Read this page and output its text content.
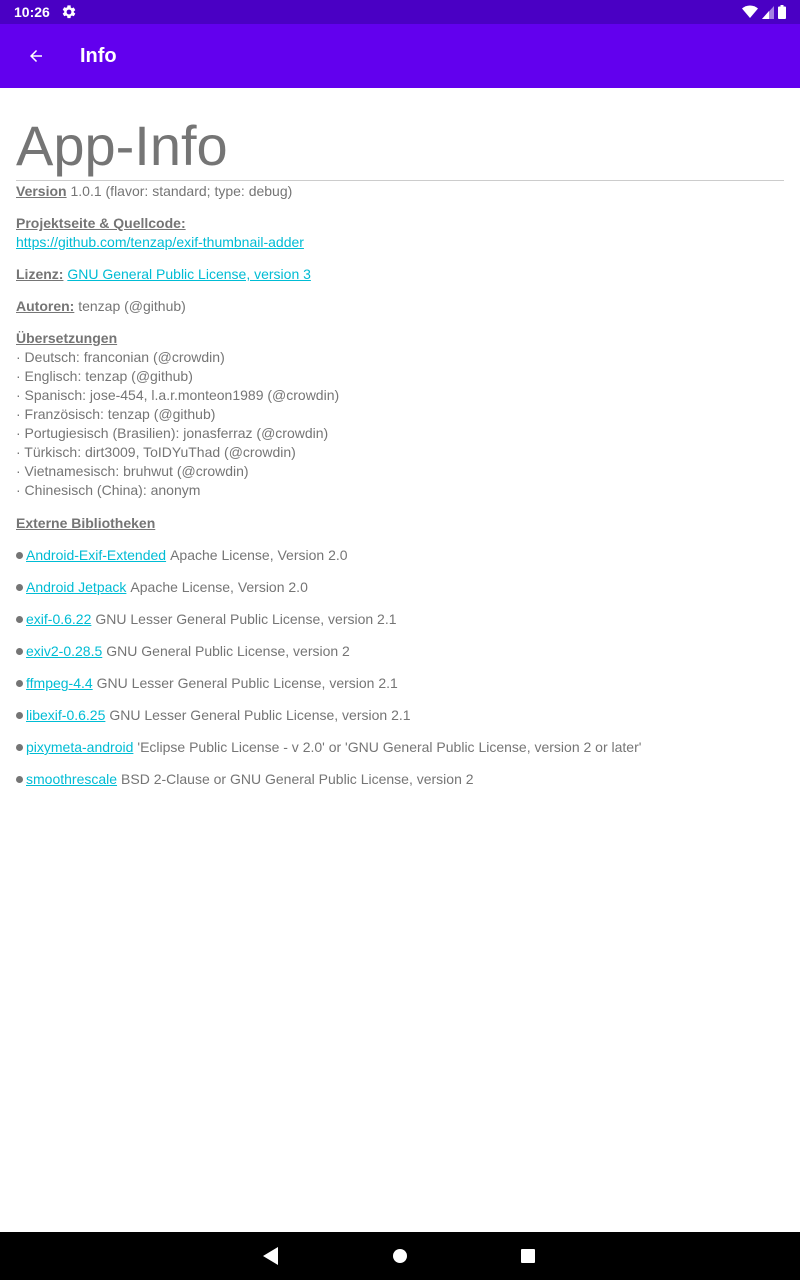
10:26
Info
App-Info
Version 1.0.1 (flavor: standard; type: debug)
Projektseite & Quellcode:
https://github.com/tenzap/exif-thumbnail-adder
Lizenz: GNU General Public License, version 3
Autoren: tenzap (@github)
Übersetzungen
· Deutsch: franconian (@crowdin)
· Englisch: tenzap (@github)
· Spanisch: jose-454, l.a.r.monteon1989 (@crowdin)
· Französisch: tenzap (@github)
· Portugiesisch (Brasilien): jonasferraz (@crowdin)
· Türkisch: dirt3009, ToIDYuThad (@crowdin)
· Vietnamesisch: bruhwut (@crowdin)
· Chinesisch (China): anonym
Externe Bibliotheken
Android-Exif-Extended Apache License, Version 2.0
Android Jetpack Apache License, Version 2.0
exif-0.6.22 GNU Lesser General Public License, version 2.1
exiv2-0.28.5 GNU General Public License, version 2
ffmpeg-4.4 GNU Lesser General Public License, version 2.1
libexif-0.6.25 GNU Lesser General Public License, version 2.1
pixymeta-android 'Eclipse Public License - v 2.0' or 'GNU General Public License, version 2 or later'
smoothrescale BSD 2-Clause or GNU General Public License, version 2
